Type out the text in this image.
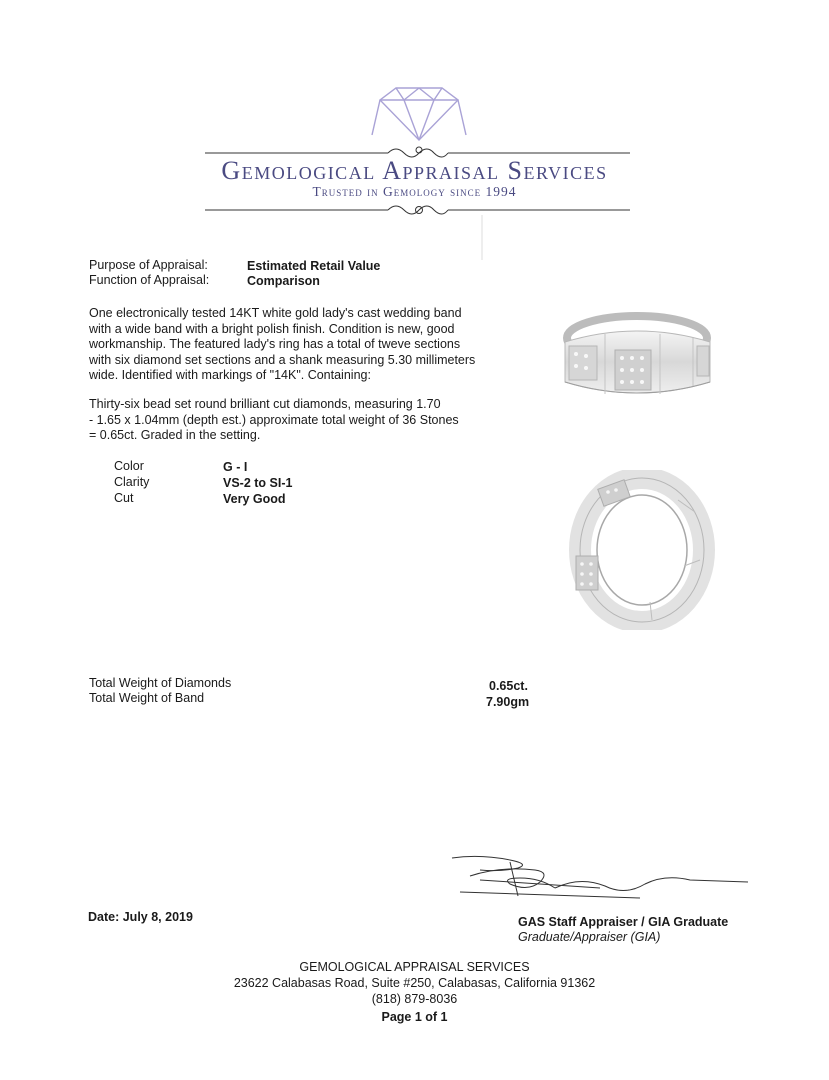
Gemological Appraisal Services
Trusted in Gemology since 1994
Purpose of Appraisal:	Estimated Retail Value
Function of Appraisal:	Comparison
One electronically tested 14KT white gold lady's cast wedding band
with a wide band with a bright polish finish. Condition is new, good
workmanship. The featured lady's ring has a total of tweve sections
with six diamond set sections and a shank measuring 5.30 millimeters
wide. Identified with markings of "14K". Containing:
Thirty-six bead set round brilliant cut diamonds, measuring 1.70
- 1.65 x 1.04mm (depth est.) approximate total weight of 36 Stones
= 0.65ct. Graded in the setting.
Color	G - I
Clarity	VS-2 to SI-1
Cut	Very Good
Total Weight of Diamonds	0.65ct.
Total Weight of Band	7.90gm
Date: July 8, 2019	GAS Staff Appraiser / GIA Graduate
Graduate/Appraiser (GIA)
GEMOLOGICAL APPRAISAL SERVICES
23622 Calabasas Road, Suite #250, Calabasas, California 91362
(818) 879-8036
Page 1 of 1
